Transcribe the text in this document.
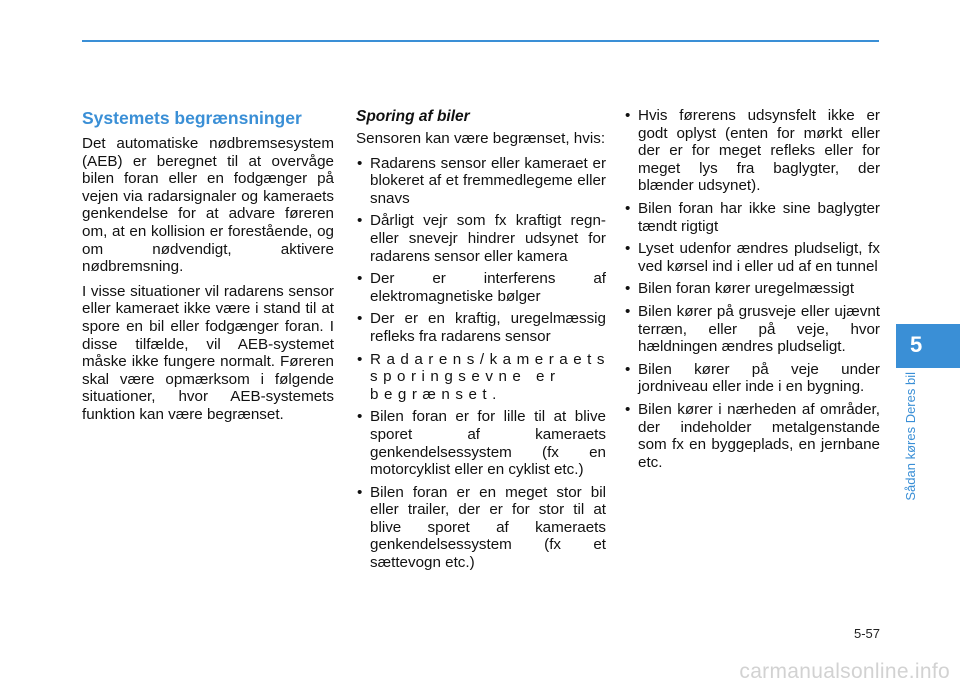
Systemets begrænsninger

Det automatiske nødbremsesystem (AEB) er beregnet til at overvåge bilen foran eller en fodgænger på vejen via radarsignaler og kameraets genkendelse for at advare føreren om, at en kollision er forestående, og om nødvendigt, aktivere nødbremsning.

I visse situationer vil radarens sensor eller kameraet ikke være i stand til at spore en bil eller fodgænger foran. I disse tilfælde, vil AEB-systemet måske ikke fungere normalt. Føreren skal være opmærksom i følgende situationer, hvor AEB-systemets funktion kan være begrænset.

Sporing af biler

Sensoren kan være begrænset, hvis:

• Radarens sensor eller kameraet er blokeret af et fremmedlegeme eller snavs
• Dårligt vejr som fx kraftigt regn- eller snevejr hindrer udsynet for radarens sensor eller kamera
• Der er interferens af elektromagnetiske bølger
• Der er en kraftig, uregelmæssig refleks fra radarens sensor
• Radarens/kameraets sporingsevne er begrænset.
• Bilen foran er for lille til at blive sporet af kameraets genkendelsessystem (fx en motorcyklist eller en cyklist etc.)
• Bilen foran er en meget stor bil eller trailer, der er for stor til at blive sporet af kameraets genkendelsessystem (fx et sættevogn etc.)
• Hvis førerens udsynsfelt ikke er godt oplyst (enten for mørkt eller der er for meget refleks eller for meget lys fra baglygter, der blænder udsynet).
• Bilen foran har ikke sine baglygter tændt rigtigt
• Lyset udenfor ændres pludseligt, fx ved kørsel ind i eller ud af en tunnel
• Bilen foran kører uregelmæssigt
• Bilen kører på grusveje eller ujævnt terræn, eller på veje, hvor hældningen ændres pludseligt.
• Bilen kører på veje under jordniveau eller inde i en bygning.
• Bilen kører i nærheden af områder, der indeholder metalgenstande som fx en byggeplads, en jernbane etc.
5
Sådan køres Deres bil
5-57
carmanualsonline.info
